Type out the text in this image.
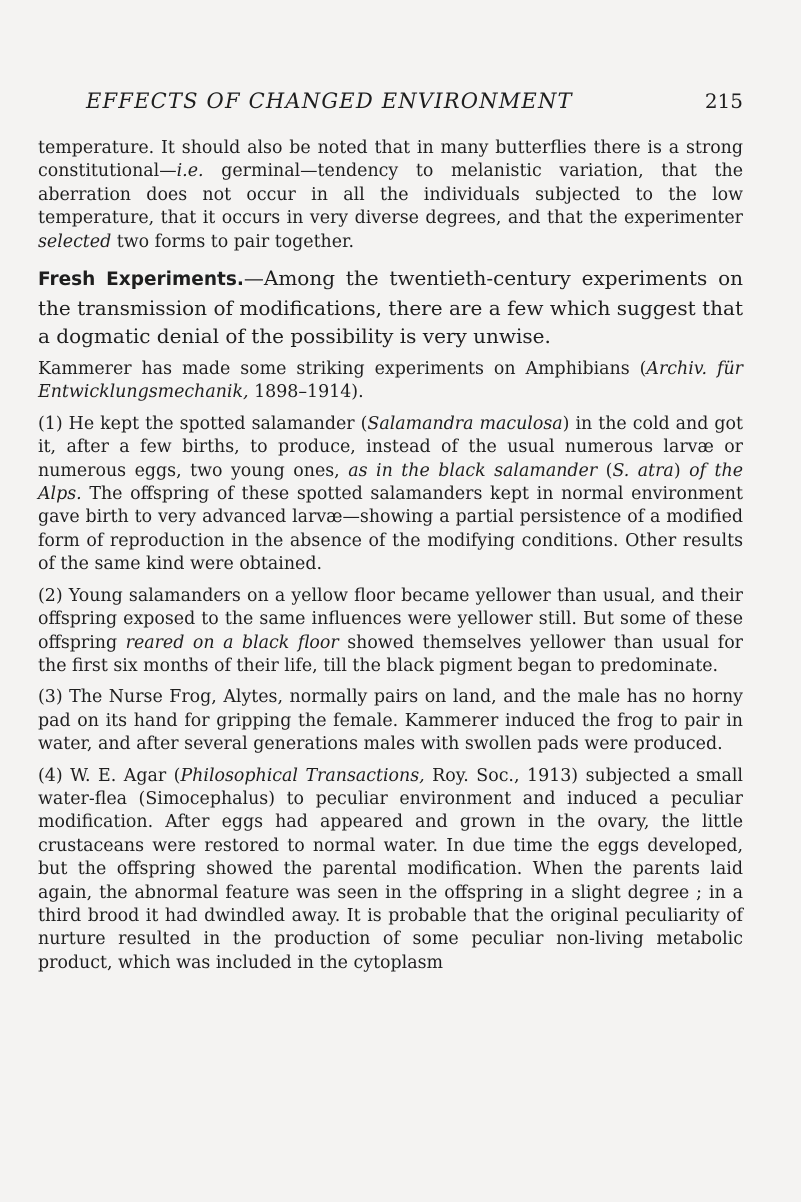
EFFECTS OF CHANGED ENVIRONMENT	215

temperature. It should also be noted that in many butterflies there is a strong constitutional—i.e. germinal—tendency to melanistic variation, that the aberration does not occur in all the individuals subjected to the low temperature, that it occurs in very diverse degrees, and that the experimenter selected two forms to pair together.

Fresh Experiments.—Among the twentieth-century experiments on the transmission of modifications, there are a few which suggest that a dogmatic denial of the possibility is very unwise.

Kammerer has made some striking experiments on Amphibians (Archiv. für Entwicklungsmechanik, 1898–1914).

(1) He kept the spotted salamander (Salamandra maculosa) in the cold and got it, after a few births, to produce, instead of the usual numerous larvæ or numerous eggs, two young ones, as in the black salamander (S. atra) of the Alps. The offspring of these spotted salamanders kept in normal environment gave birth to very advanced larvæ—showing a partial persistence of a modified form of reproduction in the absence of the modifying conditions. Other results of the same kind were obtained.

(2) Young salamanders on a yellow floor became yellower than usual, and their offspring exposed to the same influences were yellower still. But some of these offspring reared on a black floor showed themselves yellower than usual for the first six months of their life, till the black pigment began to predominate.

(3) The Nurse Frog, Alytes, normally pairs on land, and the male has no horny pad on its hand for gripping the female. Kammerer induced the frog to pair in water, and after several generations males with swollen pads were produced.

(4) W. E. Agar (Philosophical Transactions, Roy. Soc., 1913) subjected a small water-flea (Simocephalus) to peculiar environment and induced a peculiar modification. After eggs had appeared and grown in the ovary, the little crustaceans were restored to normal water. In due time the eggs developed, but the offspring showed the parental modification. When the parents laid again, the abnormal feature was seen in the offspring in a slight degree ; in a third brood it had dwindled away. It is probable that the original peculiarity of nurture resulted in the production of some peculiar non-living metabolic product, which was included in the cytoplasm
